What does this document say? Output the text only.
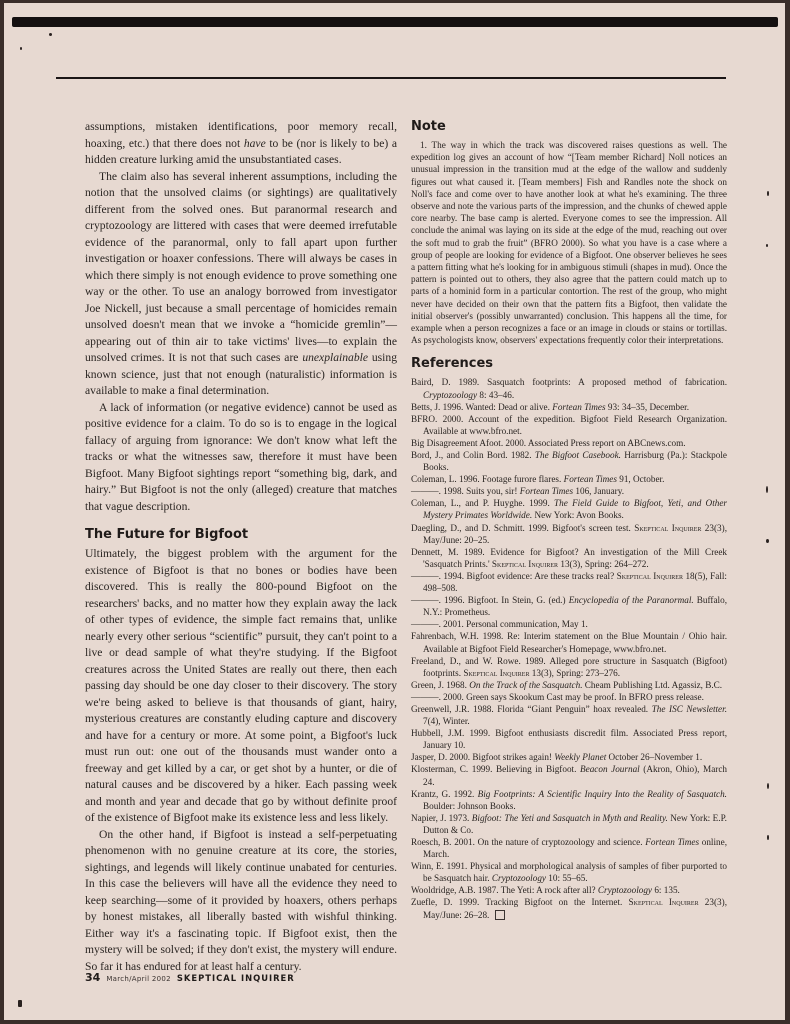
assumptions, mistaken identifications, poor memory recall, hoaxing, etc.) that there does not have to be (nor is likely to be) a hidden creature lurking amid the unsubstantiated cases.

The claim also has several inherent assumptions, including the notion that the unsolved claims (or sightings) are qualitatively different from the solved ones. But paranormal research and cryptozoology are littered with cases that were deemed irrefutable evidence of the paranormal, only to fall apart upon further investigation or hoaxer confessions. There will always be cases in which there simply is not enough evidence to prove something one way or the other. To use an analogy borrowed from investigator Joe Nickell, just because a small percentage of homicides remain unsolved doesn't mean that we invoke a “homicide gremlin”—appearing out of thin air to take victims' lives—to explain the unsolved crimes. It is not that such cases are unexplainable using known science, just that not enough (naturalistic) information is available to make a final determination.

A lack of information (or negative evidence) cannot be used as positive evidence for a claim. To do so is to engage in the logical fallacy of arguing from ignorance: We don't know what left the tracks or what the witnesses saw, therefore it must have been Bigfoot. Many Bigfoot sightings report “something big, dark, and hairy.” But Bigfoot is not the only (alleged) creature that matches that vague description.

The Future for Bigfoot

Ultimately, the biggest problem with the argument for the existence of Bigfoot is that no bones or bodies have been discovered. This is really the 800-pound Bigfoot on the researchers' backs, and no matter how they explain away the lack of other types of evidence, the simple fact remains that, unlike nearly every other serious “scientific” pursuit, they can't point to a live or dead sample of what they're studying. If the Bigfoot creatures across the United States are really out there, then each passing day should be one day closer to their discovery. The story we're being asked to believe is that thousands of giant, hairy, mysterious creatures are constantly eluding capture and discovery and have for a century or more. At some point, a Bigfoot's luck must run out: one out of the thousands must wander onto a freeway and get killed by a car, or get shot by a hunter, or die of natural causes and be discovered by a hiker. Each passing week and month and year and decade that go by without definite proof of the existence of Bigfoot make its existence less and less likely.

On the other hand, if Bigfoot is instead a self-perpetuating phenomenon with no genuine creature at its core, the stories, sightings, and legends will likely continue unabated for centuries. In this case the believers will have all the evidence they need to keep searching—some of it provided by hoaxers, others perhaps by honest mistakes, all liberally basted with wishful thinking. Either way it's a fascinating topic. If Bigfoot exist, then the mystery will be solved; if they don't exist, the mystery will endure. So far it has endured for at least half a century.

Note

1. The way in which the track was discovered raises questions as well. The expedition log gives an account of how “[Team member Richard] Noll notices an unusual impression in the transition mud at the edge of the wallow and suddenly figures out what caused it. [Team members] Fish and Randles note the shock on Noll's face and come over to have another look at what he's examining. The three observe and note the various parts of the impression, and the chunks of chewed apple core nearby. The base camp is alerted. Everyone comes to see the impression. All conclude the animal was laying on its side at the edge of the mud, reaching out over the soft mud to grab the fruit” (BFRO 2000). So what you have is a case where a group of people are looking for evidence of a Bigfoot. One observer believes he sees a pattern fitting what he's looking for in ambiguous stimuli (shapes in mud). Once the pattern is pointed out to others, they also agree that the pattern could match up to parts of a hominid form in a particular contortion. The rest of the group, who might never have decided on their own that the pattern fits a Bigfoot, then validate the initial observer's (possibly unwarranted) conclusion. This happens all the time, for example when a person recognizes a face or an image in clouds or stains or tortillas. As psychologists know, observers' expectations frequently color their interpretations.

References

Baird, D. 1989. Sasquatch footprints: A proposed method of fabrication. Cryptozoology 8: 43–46.

Betts, J. 1996. Wanted: Dead or alive. Fortean Times 93: 34–35, December.

BFRO. 2000. Account of the expedition. Bigfoot Field Research Organization. Available at www.bfro.net.

Big Disagreement Afoot. 2000. Associated Press report on ABCnews.com.

Bord, J., and Colin Bord. 1982. The Bigfoot Casebook. Harrisburg (Pa.): Stackpole Books.

Coleman, L. 1996. Footage furore flares. Fortean Times 91, October.

———. 1998. Suits you, sir! Fortean Times 106, January.

Coleman, L., and P. Huyghe. 1999. The Field Guide to Bigfoot, Yeti, and Other Mystery Primates Worldwide. New York: Avon Books.

Daegling, D., and D. Schmitt. 1999. Bigfoot's screen test. Skeptical Inquirer 23(3), May/June: 20–25.

Dennett, M. 1989. Evidence for Bigfoot? An investigation of the Mill Creek 'Sasquatch Prints.' Skeptical Inquirer 13(3), Spring: 264–272.

———. 1994. Bigfoot evidence: Are these tracks real? Skeptical Inquirer 18(5), Fall: 498–508.

———. 1996. Bigfoot. In Stein, G. (ed.) Encyclopedia of the Paranormal. Buffalo, N.Y.: Prometheus.

———. 2001. Personal communication, May 1.

Fahrenbach, W.H. 1998. Re: Interim statement on the Blue Mountain / Ohio hair. Available at Bigfoot Field Researcher's Homepage, www.bfro.net.

Freeland, D., and W. Rowe. 1989. Alleged pore structure in Sasquatch (Bigfoot) footprints. Skeptical Inquirer 13(3), Spring: 273–276.

Green, J. 1968. On the Track of the Sasquatch. Cheam Publishing Ltd. Agassiz, B.C.

———. 2000. Green says Skookum Cast may be proof. In BFRO press release.

Greenwell, J.R. 1988. Florida “Giant Penguin” hoax revealed. The ISC Newsletter. 7(4), Winter.

Hubbell, J.M. 1999. Bigfoot enthusiasts discredit film. Associated Press report, January 10.

Jasper, D. 2000. Bigfoot strikes again! Weekly Planet October 26–November 1.

Klosterman, C. 1999. Believing in Bigfoot. Beacon Journal (Akron, Ohio), March 24.

Krantz, G. 1992. Big Footprints: A Scientific Inquiry Into the Reality of Sasquatch. Boulder: Johnson Books.

Napier, J. 1973. Bigfoot: The Yeti and Sasquatch in Myth and Reality. New York: E.P. Dutton & Co.

Roesch, B. 2001. On the nature of cryptozoology and science. Fortean Times online, March.

Winn, E. 1991. Physical and morphological analysis of samples of fiber purported to be Sasquatch hair. Cryptozoology 10: 55–65.

Wooldridge, A.B. 1987. The Yeti: A rock after all? Cryptozoology 6: 135.

Zuefle, D. 1999. Tracking Bigfoot on the Internet. Skeptical Inquirer 23(3), May/June: 26–28.

34 March/April 2002 SKEPTICAL INQUIRER
